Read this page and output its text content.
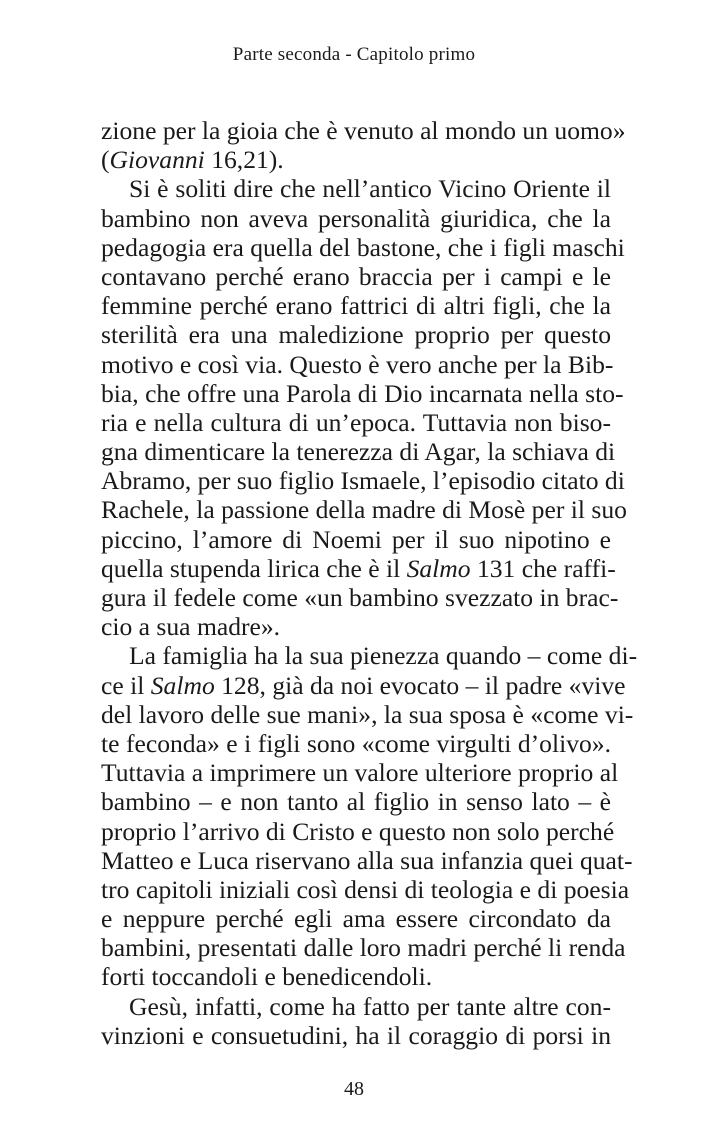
Parte seconda - Capitolo primo
zione per la gioia che è venuto al mondo un uomo»
(Giovanni 16,21).
Si è soliti dire che nell’antico Vicino Oriente il
bambino non aveva personalità giuridica, che la
pedagogia era quella del bastone, che i figli maschi
contavano perché erano braccia per i campi e le
femmine perché erano fattrici di altri figli, che la
sterilità era una maledizione proprio per questo
motivo e così via. Questo è vero anche per la Bib-
bia, che offre una Parola di Dio incarnata nella sto-
ria e nella cultura di un’epoca. Tuttavia non biso-
gna dimenticare la tenerezza di Agar, la schiava di
Abramo, per suo figlio Ismaele, l’episodio citato di
Rachele, la passione della madre di Mosè per il suo
piccino, l’amore di Noemi per il suo nipotino e
quella stupenda lirica che è il Salmo 131 che raffi-
gura il fedele come «un bambino svezzato in brac-
cio a sua madre».
La famiglia ha la sua pienezza quando – come di-
ce il Salmo 128, già da noi evocato – il padre «vive
del lavoro delle sue mani», la sua sposa è «come vi-
te feconda» e i figli sono «come virgulti d’olivo».
Tuttavia a imprimere un valore ulteriore proprio al
bambino – e non tanto al figlio in senso lato – è
proprio l’arrivo di Cristo e questo non solo perché
Matteo e Luca riservano alla sua infanzia quei quat-
tro capitoli iniziali così densi di teologia e di poesia
e neppure perché egli ama essere circondato da
bambini, presentati dalle loro madri perché li renda
forti toccandoli e benedicendoli.
Gesù, infatti, come ha fatto per tante altre con-
vinzioni e consuetudini, ha il coraggio di porsi in
48
